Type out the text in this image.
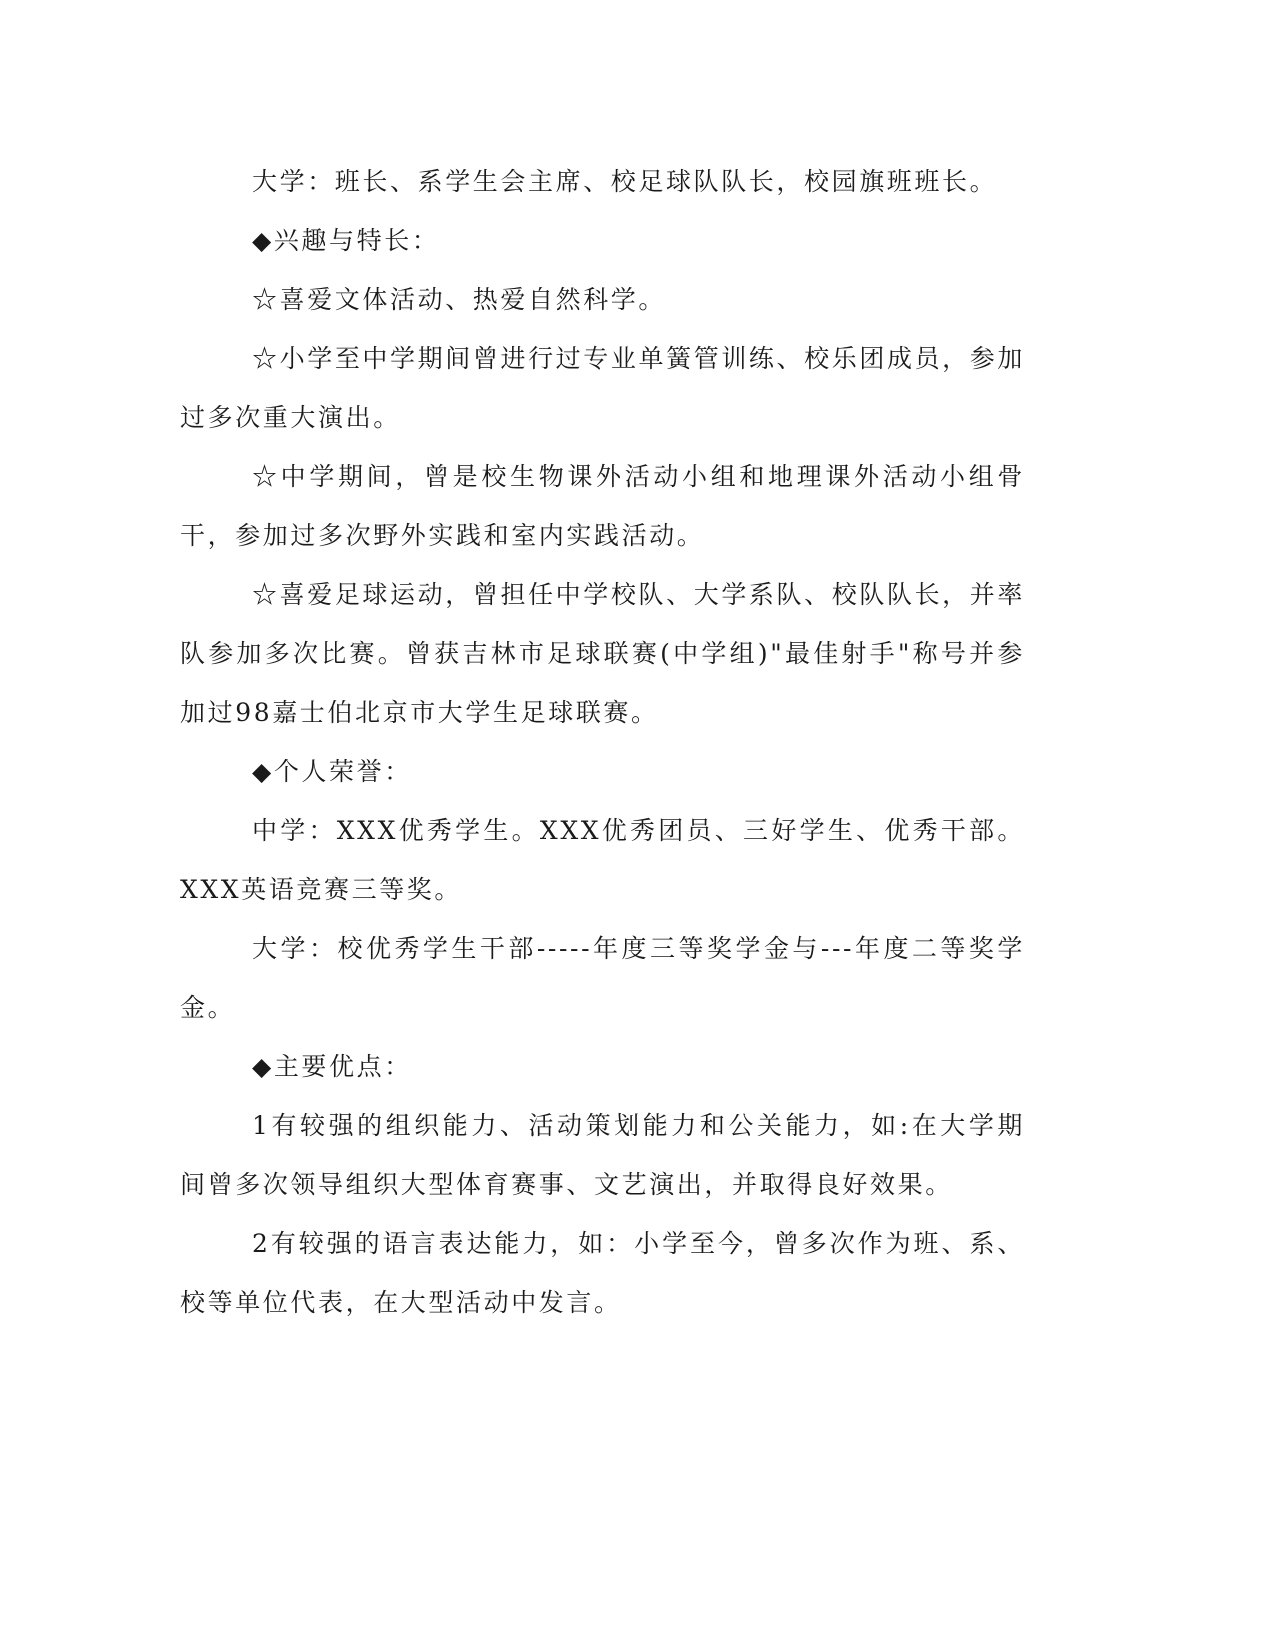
大学：班长、系学生会主席、校足球队队长，校园旗班班长。

◆兴趣与特长：

☆喜爱文体活动、热爱自然科学。

☆小学至中学期间曾进行过专业单簧管训练、校乐团成员，参加过多次重大演出。

☆中学期间，曾是校生物课外活动小组和地理课外活动小组骨干，参加过多次野外实践和室内实践活动。

☆喜爱足球运动，曾担任中学校队、大学系队、校队队长，并率队参加多次比赛。曾获吉林市足球联赛(中学组)"最佳射手"称号并参加过98嘉士伯北京市大学生足球联赛。

◆个人荣誉：

中学：XXX优秀学生。XXX优秀团员、三好学生、优秀干部。XXX英语竞赛三等奖。

大学：校优秀学生干部-----年度三等奖学金与---年度二等奖学金。

◆主要优点：

1有较强的组织能力、活动策划能力和公关能力，如:在大学期间曾多次领导组织大型体育赛事、文艺演出，并取得良好效果。

2有较强的语言表达能力，如：小学至今，曾多次作为班、系、校等单位代表，在大型活动中发言。
